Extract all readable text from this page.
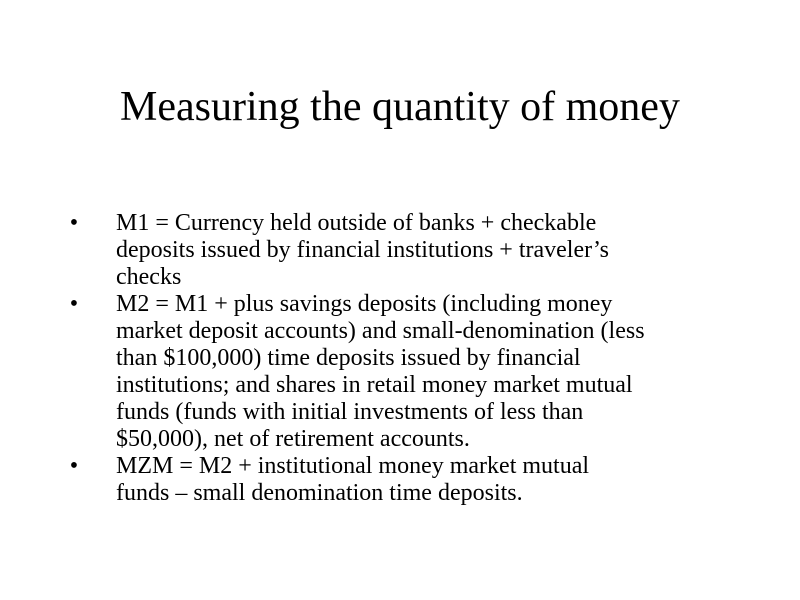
Measuring the quantity of money
• M1 = Currency held outside of banks + checkable
deposits issued by financial institutions + traveler’s
checks
• M2 = M1 + plus savings deposits (including money
market deposit accounts) and small-denomination (less
than $100,000) time deposits issued by financial
institutions; and shares in retail money market mutual
funds (funds with initial investments of less than
$50,000), net of retirement accounts.
• MZM = M2 + institutional money market mutual
funds – small denomination time deposits.
